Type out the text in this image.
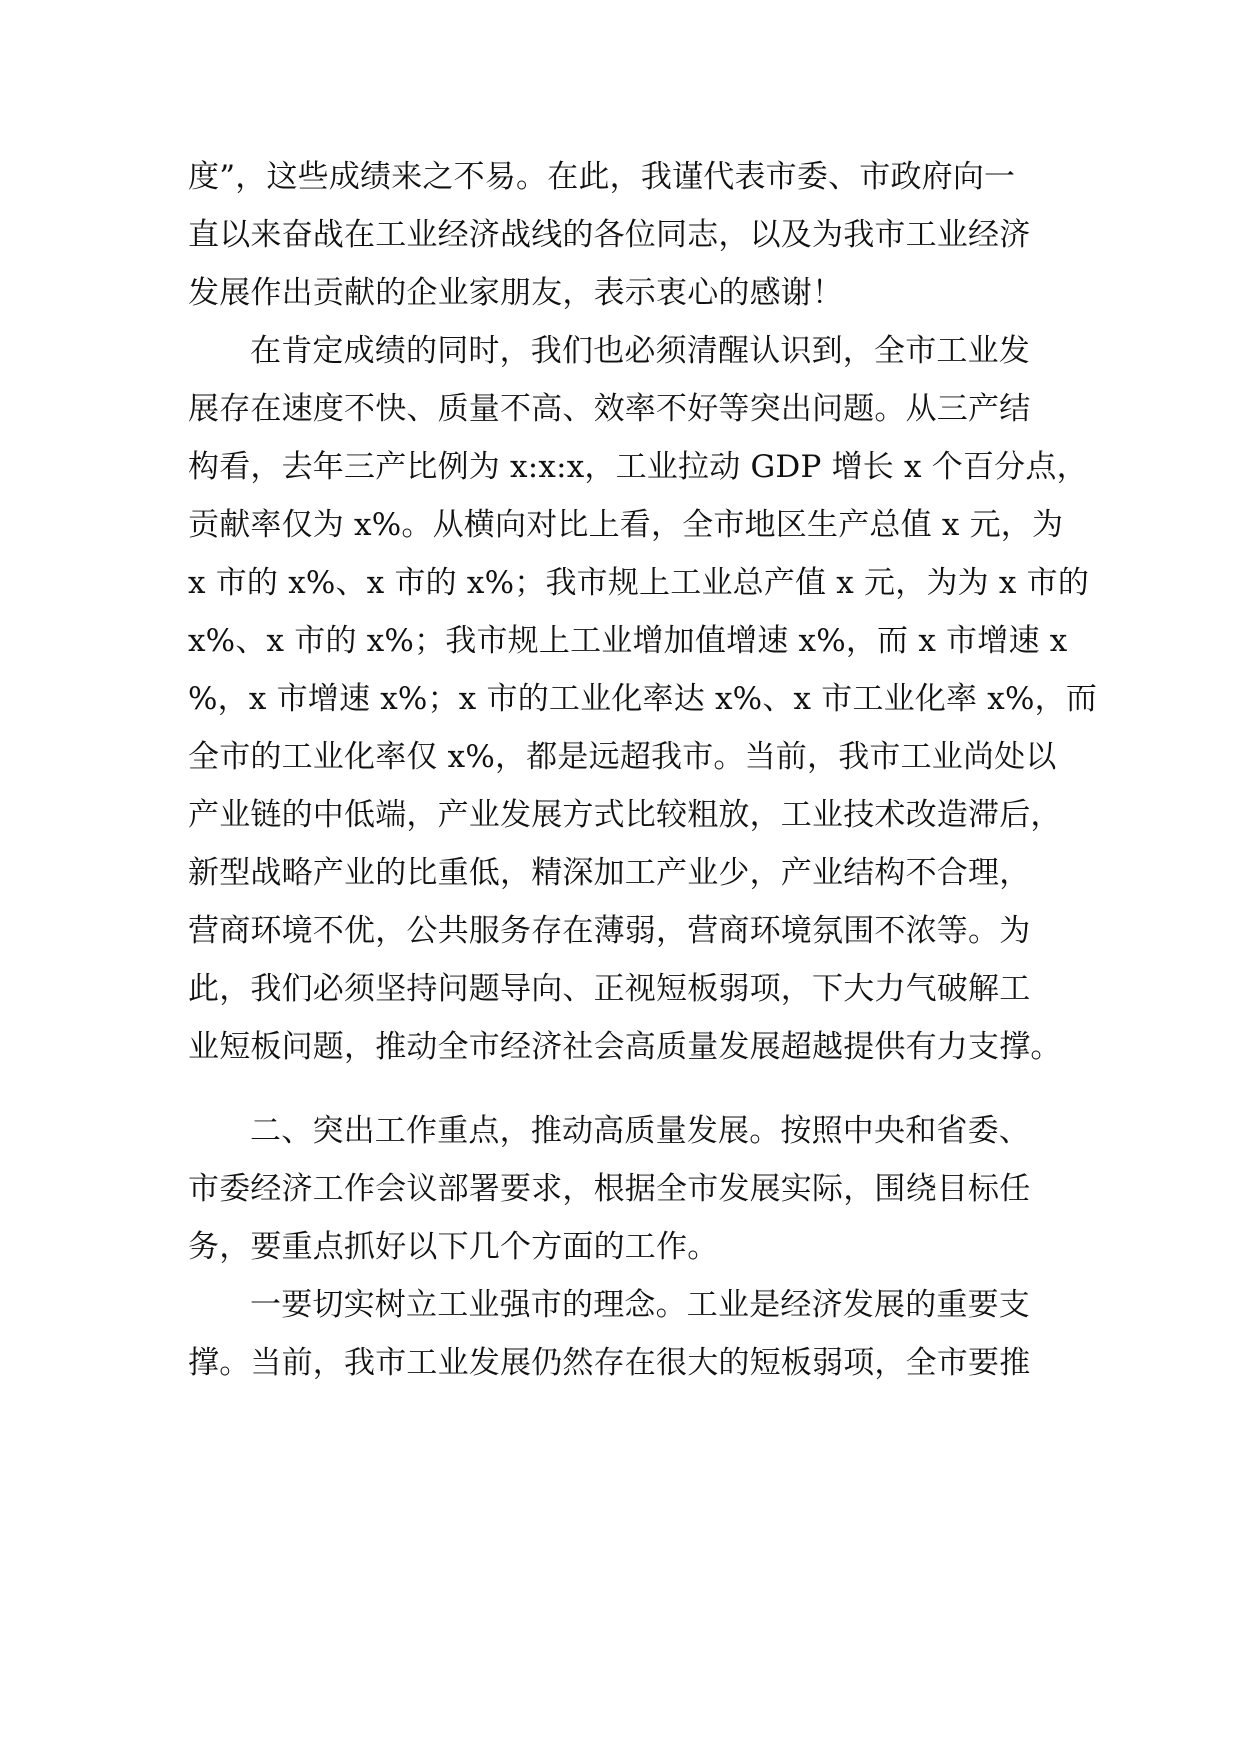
度”，这些成绩来之不易。在此，我谨代表市委、市政府向一
直以来奋战在工业经济战线的各位同志，以及为我市工业经济
发展作出贡献的企业家朋友，表示衷心的感谢！
在肯定成绩的同时，我们也必须清醒认识到，全市工业发
展存在速度不快、质量不高、效率不好等突出问题。从三产结
构看，去年三产比例为 x:x:x，工业拉动 GDP 增长 x 个百分点，
贡献率仅为 x%。从横向对比上看，全市地区生产总值 x 元，为
x 市的 x%、x 市的 x%；我市规上工业总产值 x 元，为为 x 市的
x%、x 市的 x%；我市规上工业增加值增速 x%，而 x 市增速 x
%，x 市增速 x%；x 市的工业化率达 x%、x 市工业化率 x%，而
全市的工业化率仅 x%，都是远超我市。当前，我市工业尚处以
产业链的中低端，产业发展方式比较粗放，工业技术改造滞后，
新型战略产业的比重低，精深加工产业少，产业结构不合理，
营商环境不优，公共服务存在薄弱，营商环境氛围不浓等。为
此，我们必须坚持问题导向、正视短板弱项，下大力气破解工
业短板问题，推动全市经济社会高质量发展超越提供有力支撑。
二、突出工作重点，推动高质量发展。按照中央和省委、
市委经济工作会议部署要求，根据全市发展实际，围绕目标任
务，要重点抓好以下几个方面的工作。
一要切实树立工业强市的理念。工业是经济发展的重要支
撑。当前，我市工业发展仍然存在很大的短板弱项，全市要推
